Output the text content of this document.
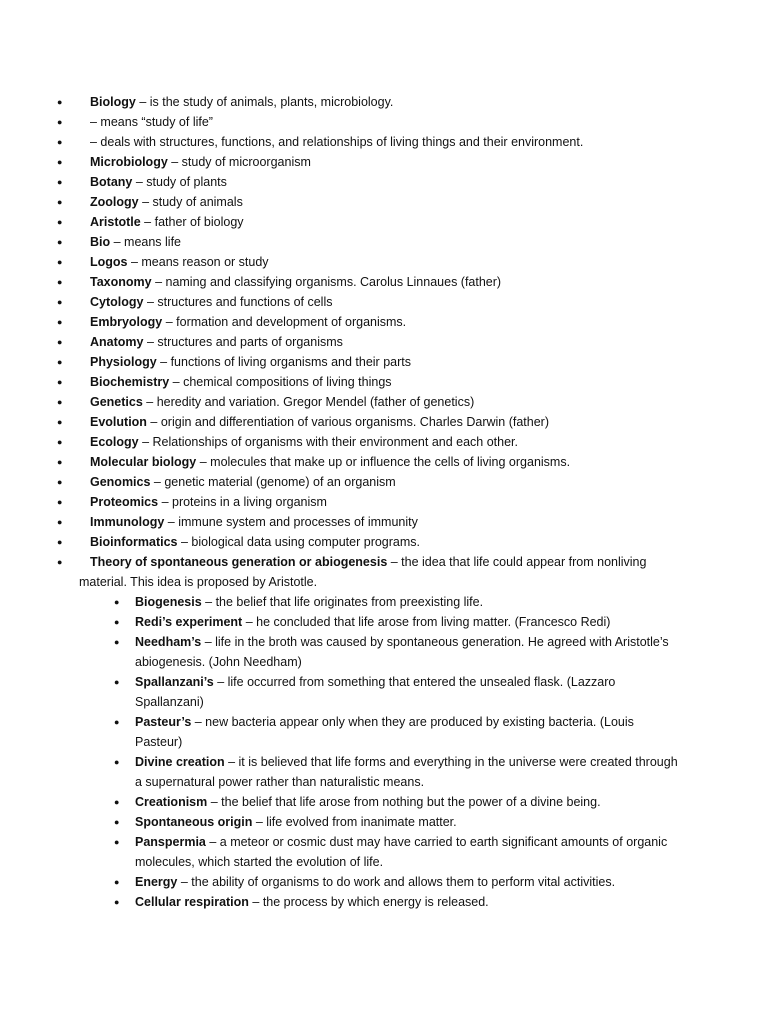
● Biology – is the study of animals, plants, microbiology.
● – means “study of life”
● – deals with structures, functions, and relationships of living things and their environment.
● Microbiology – study of microorganism
● Botany – study of plants
● Zoology – study of animals
● Aristotle – father of biology
● Bio – means life
● Logos – means reason or study
● Taxonomy – naming and classifying organisms. Carolus Linnaues (father)
● Cytology – structures and functions of cells
● Embryology – formation and development of organisms.
● Anatomy – structures and parts of organisms
● Physiology – functions of living organisms and their parts
● Biochemistry – chemical compositions of living things
● Genetics – heredity and variation. Gregor Mendel (father of genetics)
● Evolution – origin and differentiation of various organisms. Charles Darwin (father)
● Ecology – Relationships of organisms with their environment and each other.
● Molecular biology – molecules that make up or influence the cells of living organisms.
● Genomics – genetic material (genome) of an organism
● Proteomics – proteins in a living organism
● Immunology – immune system and processes of immunity
● Bioinformatics – biological data using computer programs.
● Theory of spontaneous generation or abiogenesis – the idea that life could appear from nonliving
material. This idea is proposed by Aristotle.
● Biogenesis – the belief that life originates from preexisting life.
● Redi’s experiment – he concluded that life arose from living matter. (Francesco Redi)
● Needham’s – life in the broth was caused by spontaneous generation. He agreed with Aristotle’s abiogenesis. (John Needham)
● Spallanzani’s – life occurred from something that entered the unsealed flask. (Lazzaro Spallanzani)
● Pasteur’s – new bacteria appear only when they are produced by existing bacteria. (Louis Pasteur)
● Divine creation – it is believed that life forms and everything in the universe were created through a supernatural power rather than naturalistic means.
● Creationism – the belief that life arose from nothing but the power of a divine being.
● Spontaneous origin – life evolved from inanimate matter.
● Panspermia – a meteor or cosmic dust may have carried to earth significant amounts of organic molecules, which started the evolution of life.
● Energy – the ability of organisms to do work and allows them to perform vital activities.
● Cellular respiration – the process by which energy is released.
